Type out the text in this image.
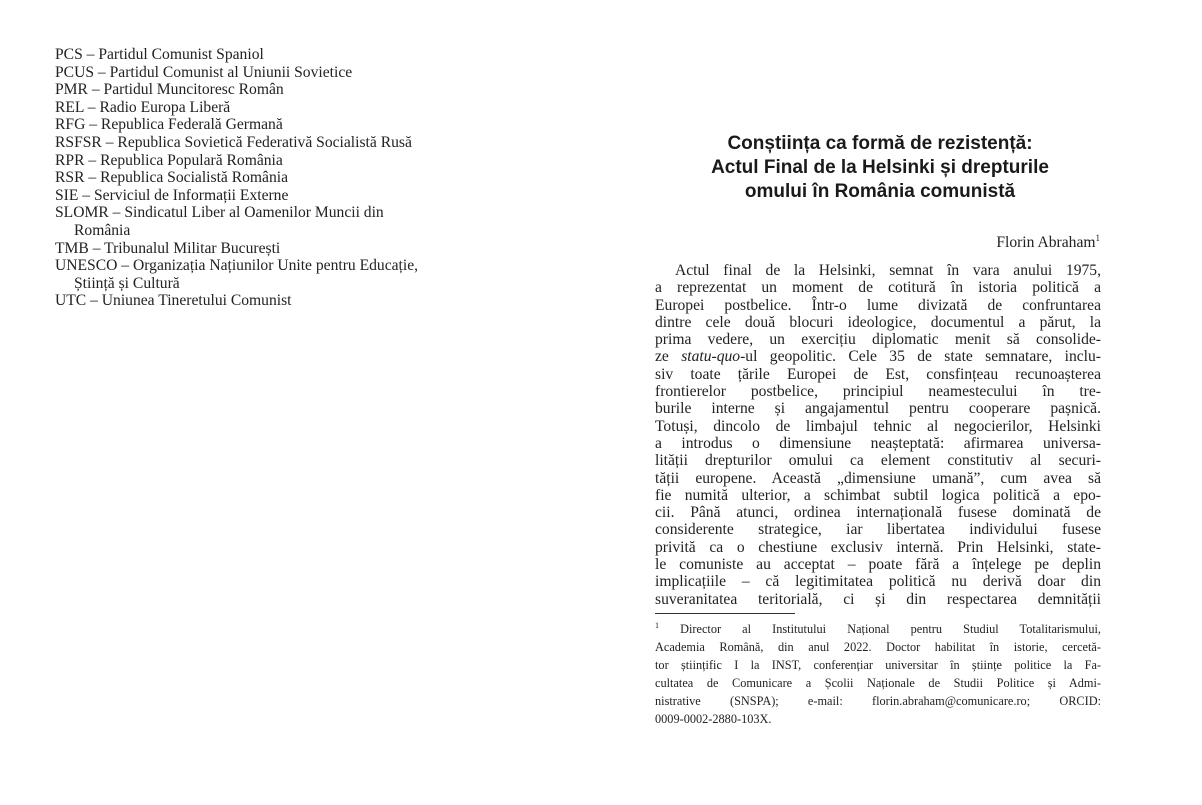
PCS – Partidul Comunist Spaniol
PCUS – Partidul Comunist al Uniunii Sovietice
PMR – Partidul Muncitoresc Român
REL – Radio Europa Liberă
RFG – Republica Federală Germană
RSFSR – Republica Sovietică Federativă Socialistă Rusă
RPR – Republica Populară România
RSR – Republica Socialistă România
SIE – Serviciul de Informații Externe
SLOMR – Sindicatul Liber al Oamenilor Muncii din
România
TMB – Tribunalul Militar București
UNESCO – Organizația Națiunilor Unite pentru Educație,
Știință și Cultură
UTC – Uniunea Tineretului Comunist
Conștiința ca formă de rezistență:
Actul Final de la Helsinki și drepturile
omului în România comunistă
Florin Abraham$^1$
Actul final de la Helsinki, semnat în vara anului 1975,
a reprezentat un moment de cotitură în istoria politică a
Europei postbelice. Într-o lume divizată de confruntarea
dintre cele două blocuri ideologice, documentul a părut, la
prima vedere, un exercițiu diplomatic menit să consolide-
ze statu-quo-ul geopolitic. Cele 35 de state semnatare, inclu-
siv toate țările Europei de Est, consfințeau recunoașterea
frontierelor postbelice, principiul neamestecului în tre-
burile interne și angajamentul pentru cooperare pașnică.
Totuși, dincolo de limbajul tehnic al negocierilor, Helsinki
a introdus o dimensiune neașteptată: afirmarea universa-
lității drepturilor omului ca element constitutiv al securi-
tății europene. Această „dimensiune umană”, cum avea să
fie numită ulterior, a schimbat subtil logica politică a epo-
cii. Până atunci, ordinea internațională fusese dominată de
considerente strategice, iar libertatea individului fusese
privită ca o chestiune exclusiv internă. Prin Helsinki, state-
le comuniste au acceptat – poate fără a înțelege pe deplin
implicațiile – că legitimitatea politică nu derivă doar din
suveranitatea teritorială, ci și din respectarea demnității
$^1$ Director al Institutului Național pentru Studiul Totalitarismului,
Academia Română, din anul 2022. Doctor habilitat în istorie, cercetă-
tor științific I la INST, conferențiar universitar în științe politice la Fa-
cultatea de Comunicare a Școlii Naționale de Studii Politice și Admi-
nistrative (SNSPA); e-mail: florin.abraham@comunicare.ro; ORCID:
0009-0002-2880-103X.
